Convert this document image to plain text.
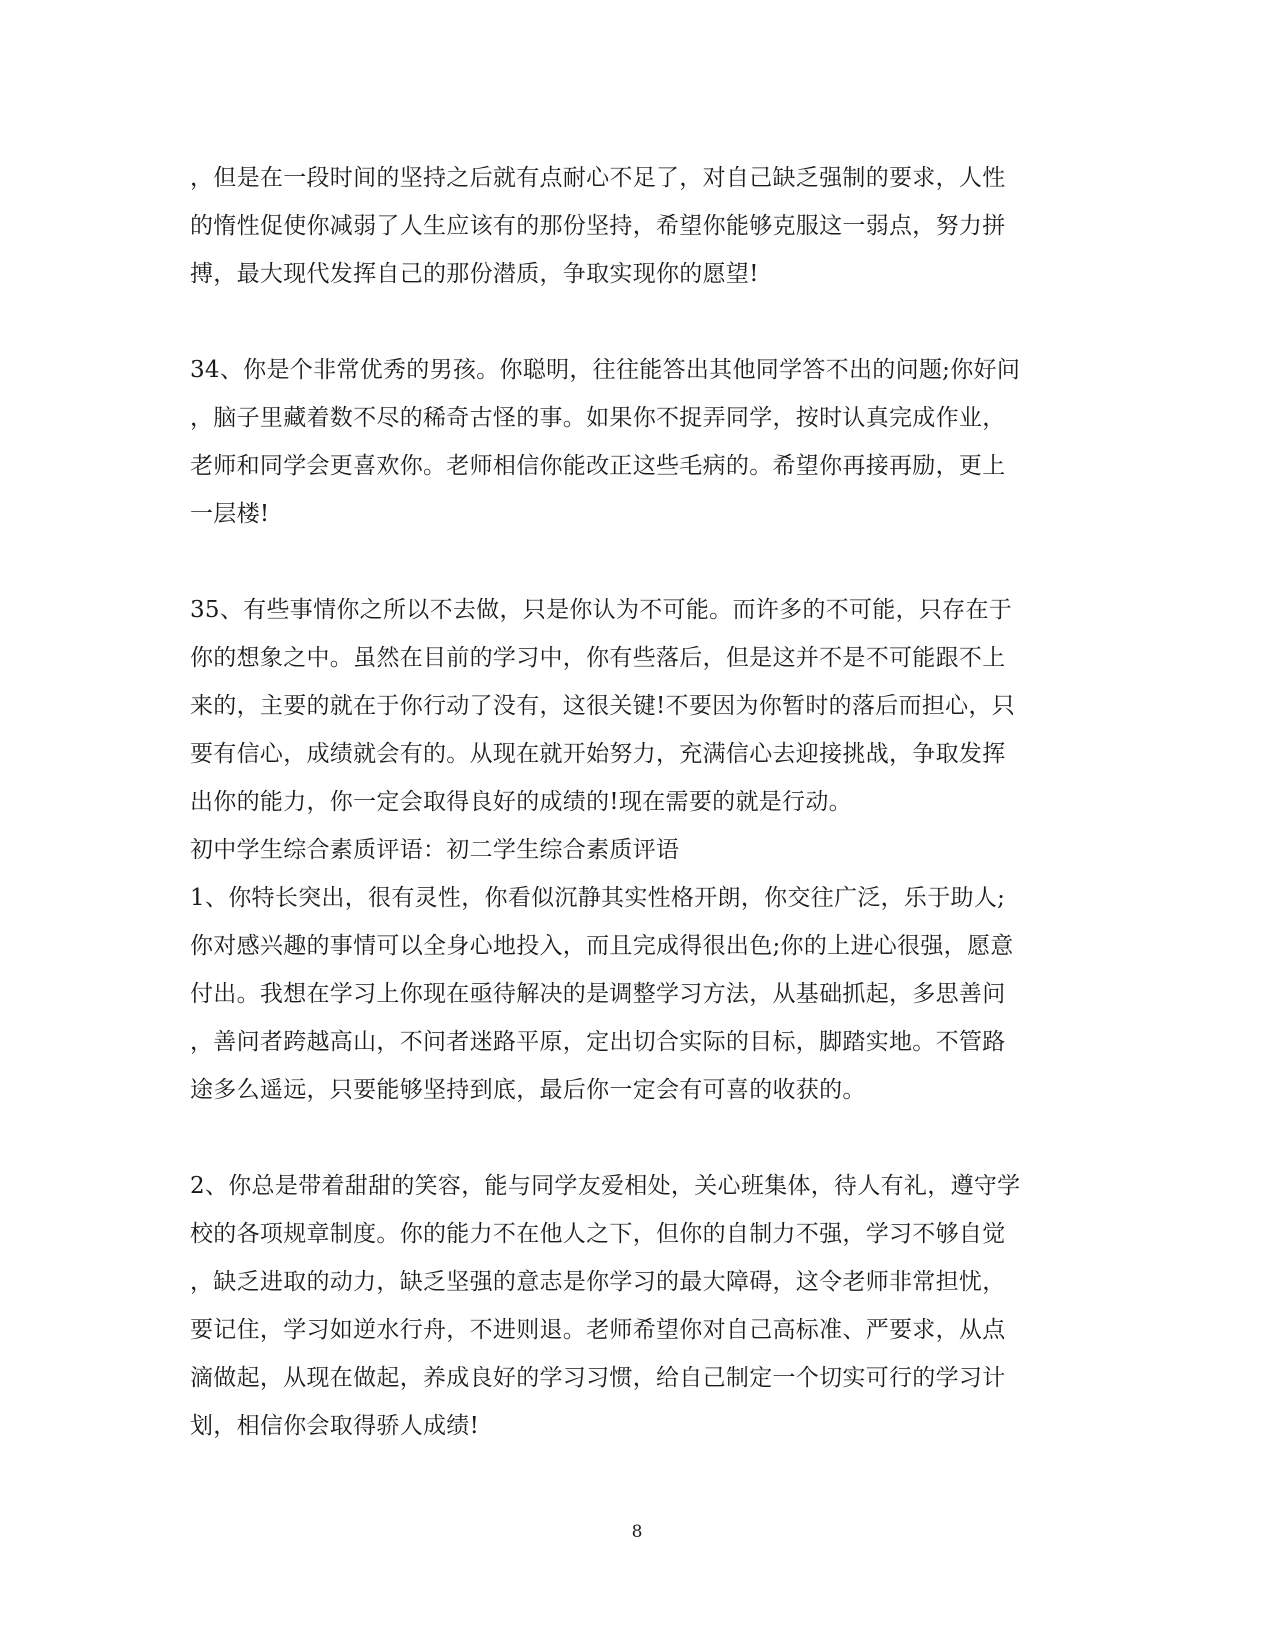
，但是在一段时间的坚持之后就有点耐心不足了，对自己缺乏强制的要求，人性
的惰性促使你减弱了人生应该有的那份坚持，希望你能够克服这一弱点，努力拼
搏，最大现代发挥自己的那份潜质，争取实现你的愿望!

34、你是个非常优秀的男孩。你聪明，往往能答出其他同学答不出的问题;你好问
，脑子里藏着数不尽的稀奇古怪的事。如果你不捉弄同学，按时认真完成作业，
老师和同学会更喜欢你。老师相信你能改正这些毛病的。希望你再接再励，更上
一层楼!

35、有些事情你之所以不去做，只是你认为不可能。而许多的不可能，只存在于
你的想象之中。虽然在目前的学习中，你有些落后，但是这并不是不可能跟不上
来的，主要的就在于你行动了没有，这很关键!不要因为你暂时的落后而担心，只
要有信心，成绩就会有的。从现在就开始努力，充满信心去迎接挑战，争取发挥
出你的能力，你一定会取得良好的成绩的!现在需要的就是行动。

初中学生综合素质评语：初二学生综合素质评语

1、你特长突出，很有灵性，你看似沉静其实性格开朗，你交往广泛，乐于助人;
你对感兴趣的事情可以全身心地投入，而且完成得很出色;你的上进心很强，愿意
付出。我想在学习上你现在亟待解决的是调整学习方法，从基础抓起，多思善问
，善问者跨越高山，不问者迷路平原，定出切合实际的目标，脚踏实地。不管路
途多么遥远，只要能够坚持到底，最后你一定会有可喜的收获的。

2、你总是带着甜甜的笑容，能与同学友爱相处，关心班集体，待人有礼，遵守学
校的各项规章制度。你的能力不在他人之下，但你的自制力不强，学习不够自觉
，缺乏进取的动力，缺乏坚强的意志是你学习的最大障碍，这令老师非常担忧，
要记住，学习如逆水行舟，不进则退。老师希望你对自己高标准、严要求，从点
滴做起，从现在做起，养成良好的学习习惯，给自己制定一个切实可行的学习计
划，相信你会取得骄人成绩!

8
